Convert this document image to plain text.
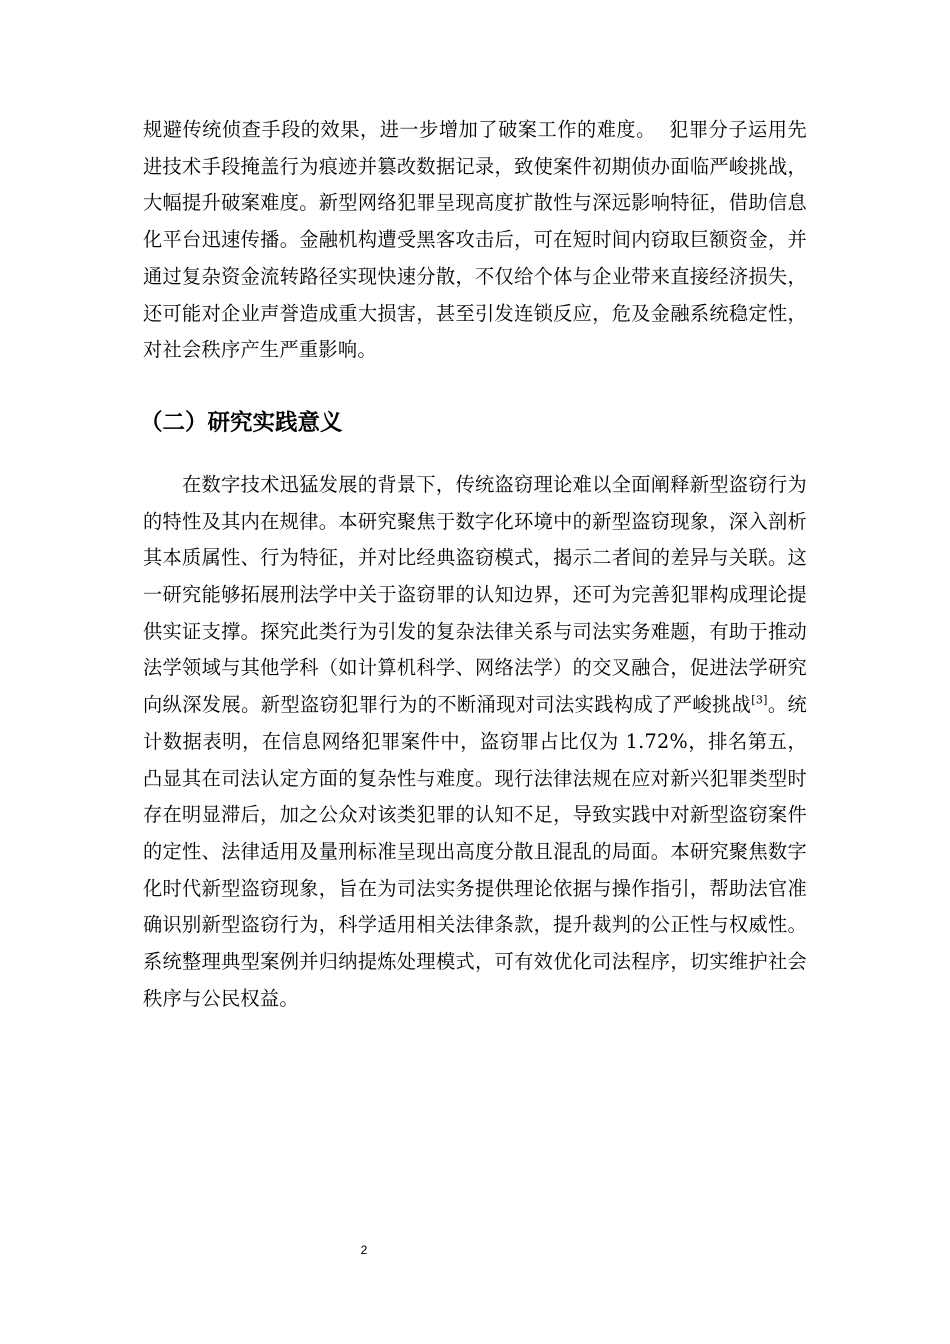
规避传统侦查手段的效果，进一步增加了破案工作的难度。  犯罪分子运用先进技术手段掩盖行为痕迹并篡改数据记录，致使案件初期侦办面临严峻挑战，大幅提升破案难度。新型网络犯罪呈现高度扩散性与深远影响特征，借助信息化平台迅速传播。金融机构遭受黑客攻击后，可在短时间内窃取巨额资金，并通过复杂资金流转路径实现快速分散，不仅给个体与企业带来直接经济损失，还可能对企业声誉造成重大损害，甚至引发连锁反应，危及金融系统稳定性，对社会秩序产生严重影响。

（二）研究实践意义

在数字技术迅猛发展的背景下，传统盗窃理论难以全面阐释新型盗窃行为的特性及其内在规律。本研究聚焦于数字化环境中的新型盗窃现象，深入剖析其本质属性、行为特征，并对比经典盗窃模式，揭示二者间的差异与关联。这一研究能够拓展刑法学中关于盗窃罪的认知边界，还可为完善犯罪构成理论提供实证支撑。探究此类行为引发的复杂法律关系与司法实务难题，有助于推动法学领域与其他学科（如计算机科学、网络法学）的交叉融合，促进法学研究向纵深发展。新型盗窃犯罪行为的不断涌现对司法实践构成了严峻挑战[3]。统计数据表明，在信息网络犯罪案件中，盗窃罪占比仅为 1.72%，排名第五，凸显其在司法认定方面的复杂性与难度。现行法律法规在应对新兴犯罪类型时存在明显滞后，加之公众对该类犯罪的认知不足，导致实践中对新型盗窃案件的定性、法律适用及量刑标准呈现出高度分散且混乱的局面。本研究聚焦数字化时代新型盗窃现象，旨在为司法实务提供理论依据与操作指引，帮助法官准确识别新型盗窃行为，科学适用相关法律条款，提升裁判的公正性与权威性。系统整理典型案例并归纳提炼处理模式，可有效优化司法程序，切实维护社会秩序与公民权益。

2
